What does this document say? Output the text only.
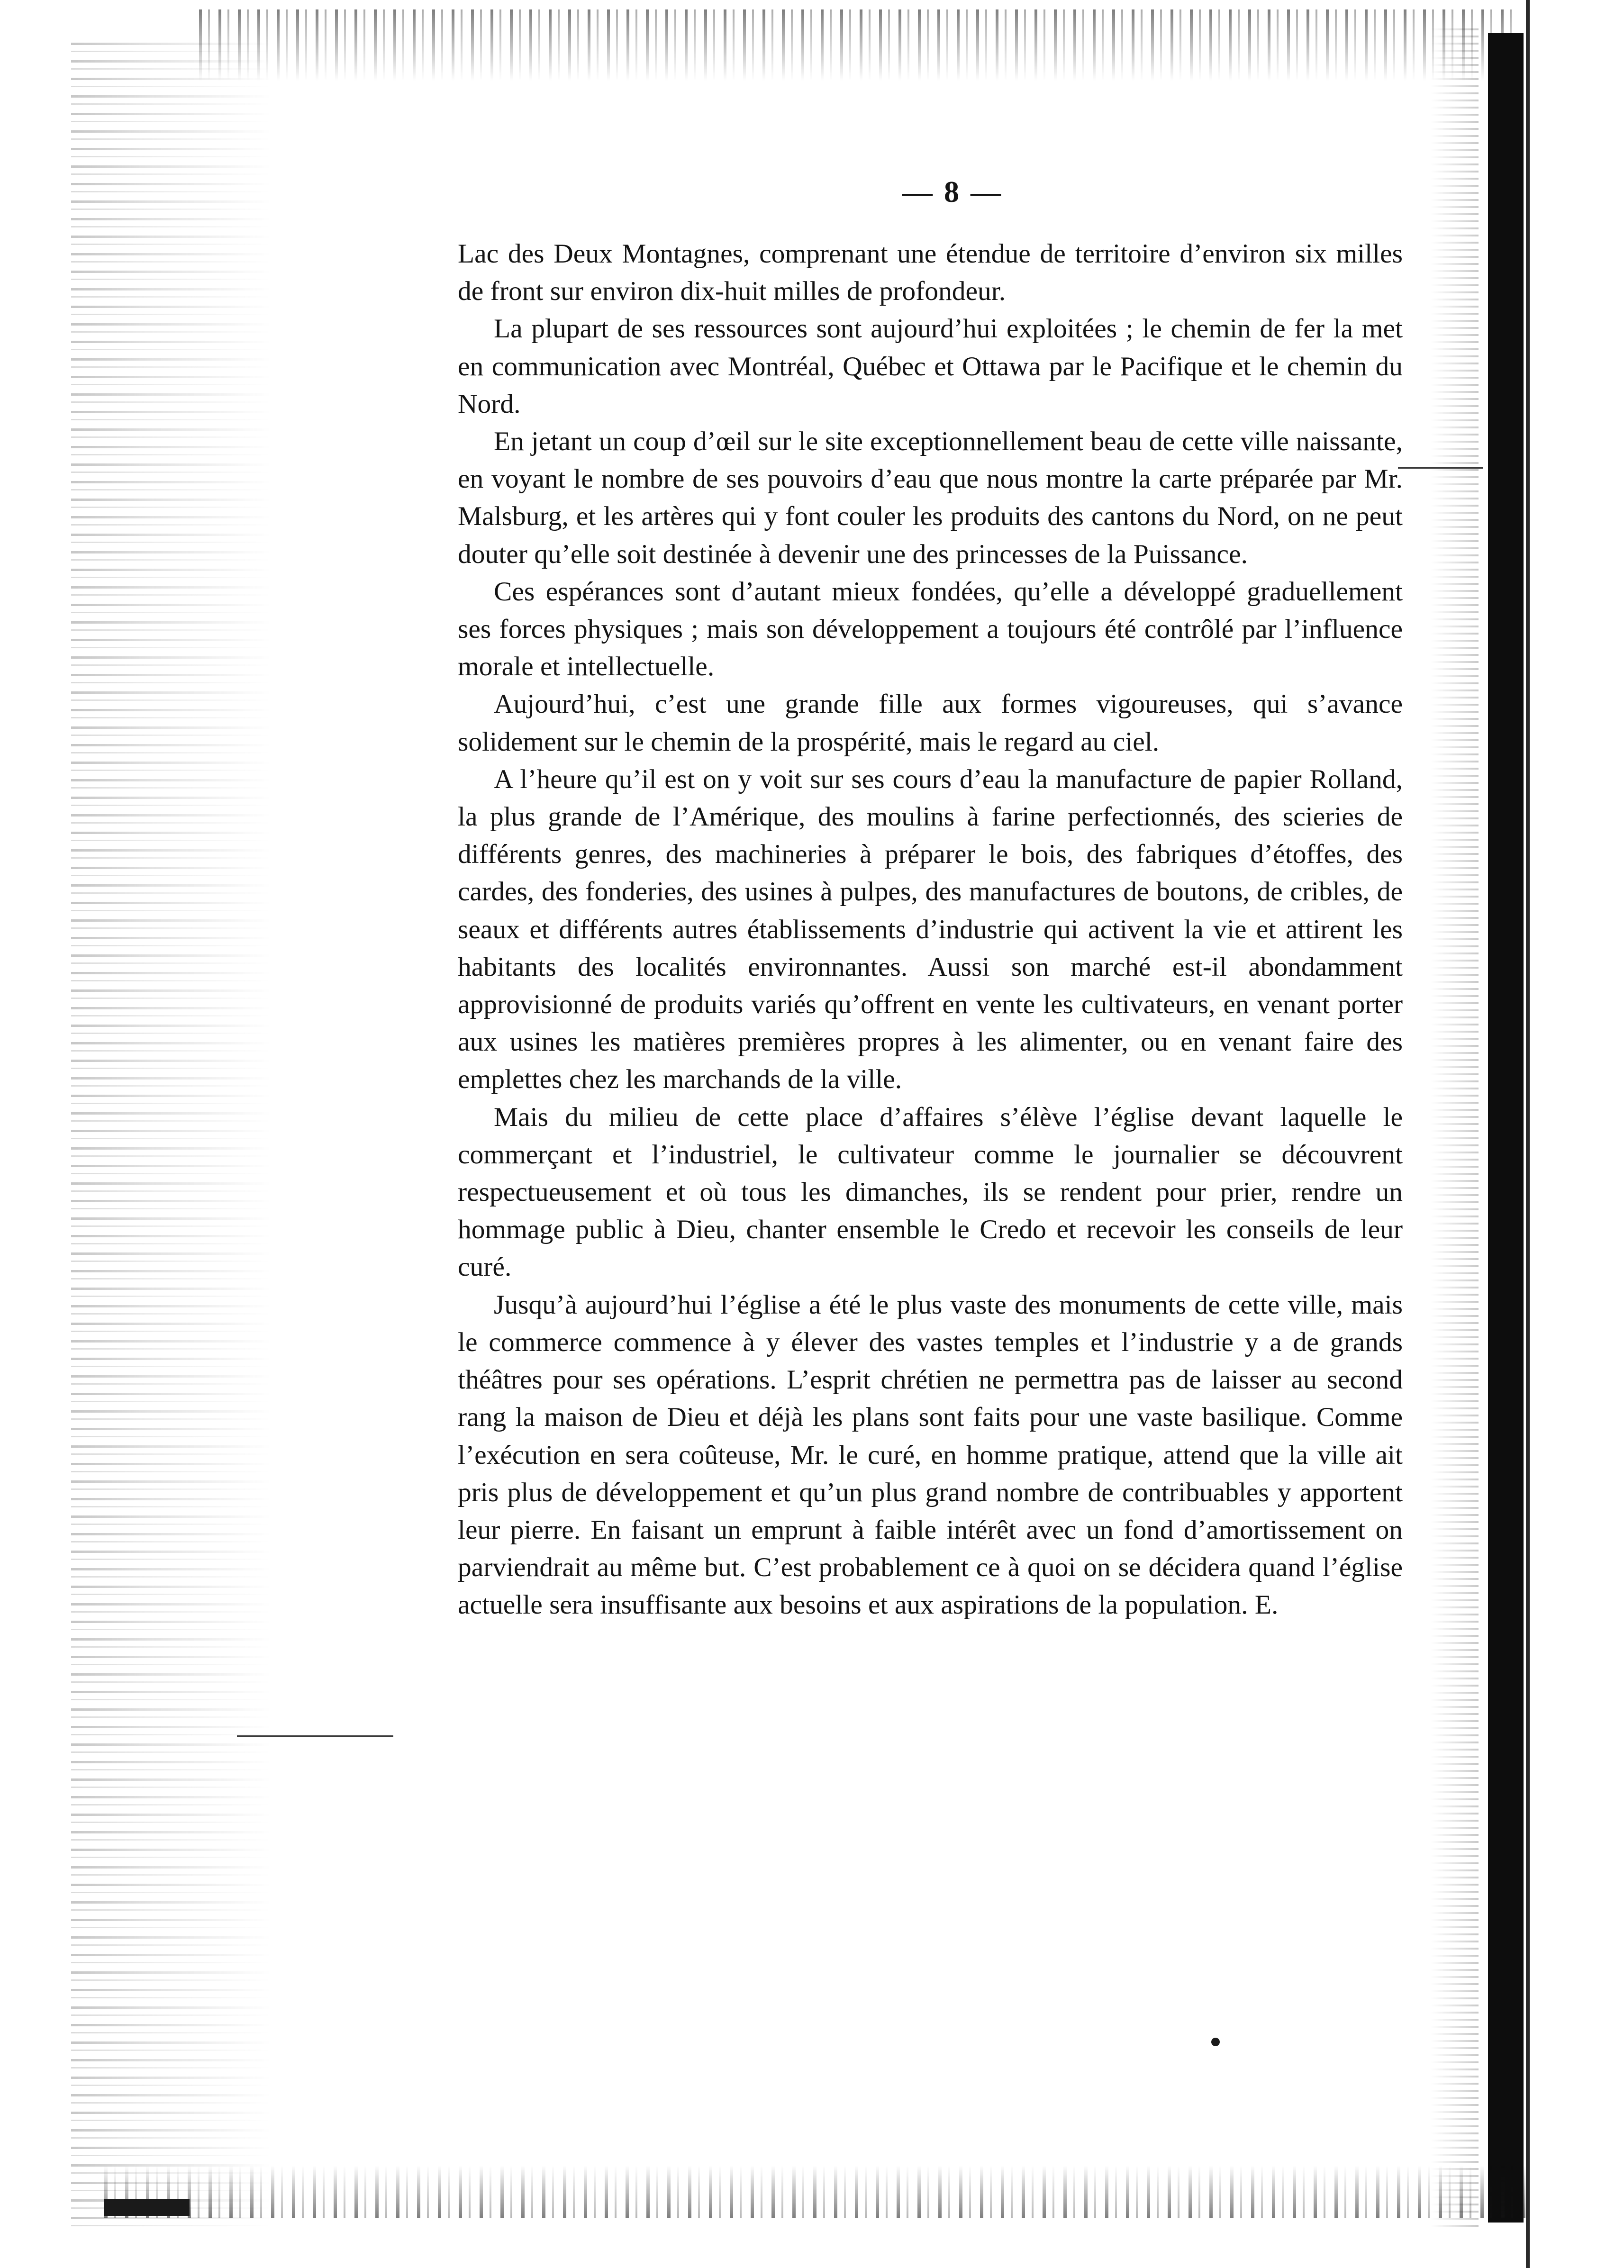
— 8 —

Lac des Deux Montagnes, comprenant une étendue de territoire d’environ six milles de front sur environ dix-huit milles de profondeur.

La plupart de ses ressources sont aujourd’hui exploitées ; le chemin de fer la met en communication avec Montréal, Québec et Ottawa par le Pacifique et le chemin du Nord.

En jetant un coup d’œil sur le site exceptionnellement beau de cette ville naissante, en voyant le nombre de ses pouvoirs d’eau que nous montre la carte préparée par Mr. Malsburg, et les artères qui y font couler les produits des cantons du Nord, on ne peut douter qu’elle soit destinée à devenir une des princesses de la Puissance.

Ces espérances sont d’autant mieux fondées, qu’elle a développé graduellement ses forces physiques ; mais son développement a toujours été contrôlé par l’influence morale et intellectuelle.

Aujourd’hui, c’est une grande fille aux formes vigoureuses, qui s’avance solidement sur le chemin de la prospérité, mais le regard au ciel.

A l’heure qu’il est on y voit sur ses cours d’eau la manufacture de papier Rolland, la plus grande de l’Amérique, des moulins à farine perfectionnés, des scieries de différents genres, des machineries à préparer le bois, des fabriques d’étoffes, des cardes, des fonderies, des usines à pulpes, des manufactures de boutons, de cribles, de seaux et différents autres établissements d’industrie qui activent la vie et attirent les habitants des localités environnantes. Aussi son marché est-il abondamment approvisionné de produits variés qu’offrent en vente les cultivateurs, en venant porter aux usines les matières premières propres à les alimenter, ou en venant faire des emplettes chez les marchands de la ville.

Mais du milieu de cette place d’affaires s’élève l’église devant laquelle le commerçant et l’industriel, le cultivateur comme le journalier se découvrent respectueusement et où tous les dimanches, ils se rendent pour prier, rendre un hommage public à Dieu, chanter ensemble le Credo et recevoir les conseils de leur curé.

Jusqu’à aujourd’hui l’église a été le plus vaste des monuments de cette ville, mais le commerce commence à y élever des vastes temples et l’industrie y a de grands théâtres pour ses opérations. L’esprit chrétien ne permettra pas de laisser au second rang la maison de Dieu et déjà les plans sont faits pour une vaste basilique. Comme l’exécution en sera coûteuse, Mr. le curé, en homme pratique, attend que la ville ait pris plus de développement et qu’un plus grand nombre de contribuables y apportent leur pierre. En faisant un emprunt à faible intérêt avec un fond d’amortissement on parviendrait au même but. C’est probablement ce à quoi on se décidera quand l’église actuelle sera insuffisante aux besoins et aux aspirations de la population. E.
